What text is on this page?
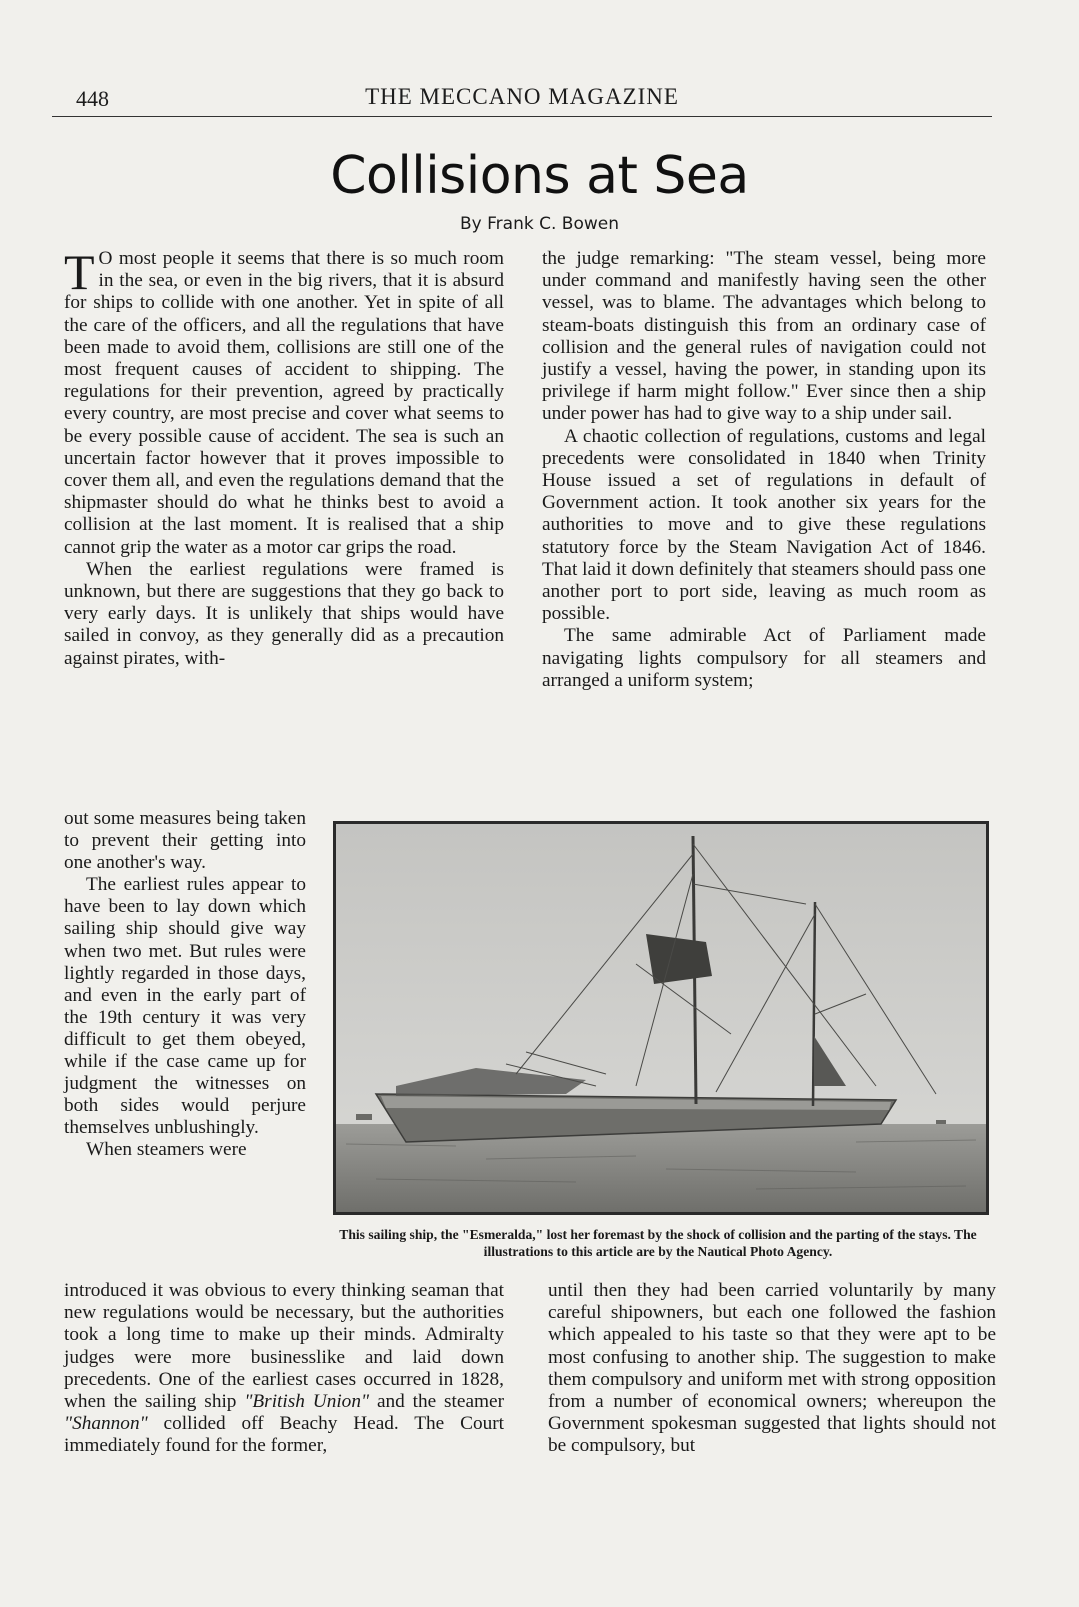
448	THE MECCANO MAGAZINE
Collisions at Sea
By Frank C. Bowen

T O most people it seems that there is so much room in the sea, or even in the big rivers, that it is absurd for ships to collide with one another. Yet in spite of all the care of the officers, and all the regulations that have been made to avoid them, collisions are still one of the most frequent causes of accident to shipping. The regulations for their prevention, agreed by practically every country, are most precise and cover what seems to be every possible cause of accident. The sea is such an uncertain factor however that it proves impossible to cover them all, and even the regulations demand that the shipmaster should do what he thinks best to avoid a collision at the last moment. It is realised that a ship cannot grip the water as a motor car grips the road.

When the earliest regulations were framed is unknown, but there are suggestions that they go back to very early days. It is unlikely that ships would have sailed in convoy, as they generally did as a precaution against pirates, with-

out some measures being taken to prevent their getting into one another's way.

The earliest rules appear to have been to lay down which sailing ship should give way when two met. But rules were lightly regarded in those days, and even in the early part of the 19th century it was very difficult to get them obeyed, while if the case came up for judgment the witnesses on both sides would perjure themselves unblushingly.

When steamers were

the judge remarking: "The steam vessel, being more under command and manifestly having seen the other vessel, was to blame. The advantages which belong to steam-boats distinguish this from an ordinary case of collision and the general rules of navigation could not justify a vessel, having the power, in standing upon its privilege if harm might follow." Ever since then a ship under power has had to give way to a ship under sail.

A chaotic collection of regulations, customs and legal precedents were consolidated in 1840 when Trinity House issued a set of regulations in default of Government action. It took another six years for the authorities to move and to give these regulations statutory force by the Steam Navigation Act of 1846. That laid it down definitely that steamers should pass one another port to port side, leaving as much room as possible.

The same admirable Act of Parliament made navigating lights compulsory for all steamers and arranged a uniform system;

This sailing ship, the "Esmeralda," lost her foremast by the shock of collision and the parting of the stays. The illustrations to this article are by the Nautical Photo Agency.

introduced it was obvious to every thinking seaman that new regulations would be necessary, but the authorities took a long time to make up their minds. Admiralty judges were more businesslike and laid down precedents. One of the earliest cases occurred in 1828, when the sailing ship "British Union" and the steamer "Shannon" collided off Beachy Head. The Court immediately found for the former,

until then they had been carried voluntarily by many careful shipowners, but each one followed the fashion which appealed to his taste so that they were apt to be most confusing to another ship. The suggestion to make them compulsory and uniform met with strong opposition from a number of economical owners; whereupon the Government spokesman suggested that lights should not be compulsory, but
